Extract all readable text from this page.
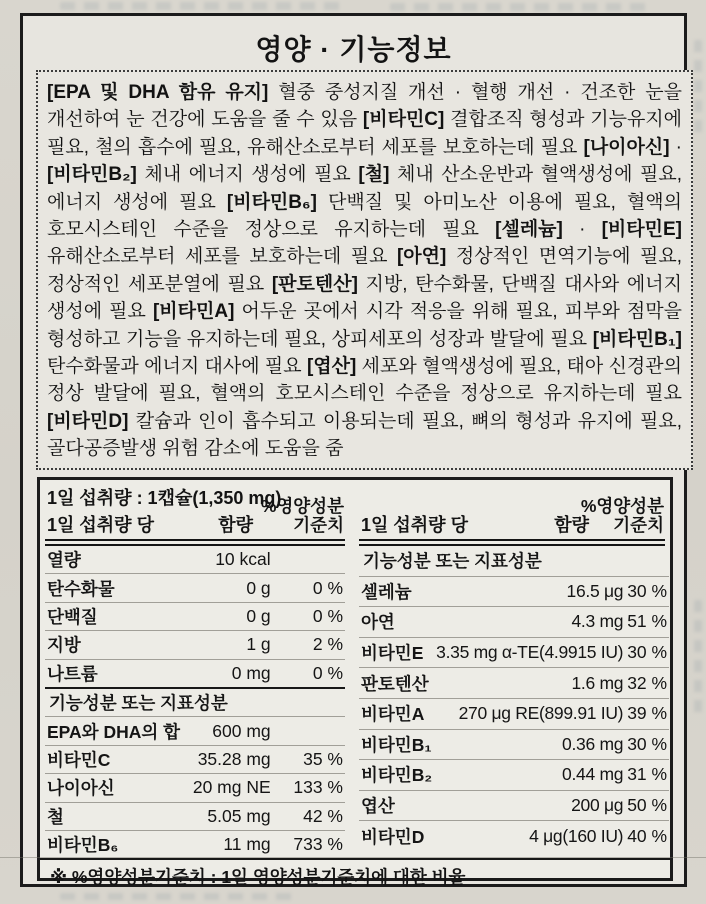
영양 · 기능정보

[EPA 및 DHA 함유 유지] 혈중 중성지질 개선 · 혈행 개선 · 건조한 눈을 개선하여 눈 건강에 도움을 줄 수 있음 [비타민C] 결합조직 형성과 기능유지에 필요, 철의 흡수에 필요, 유해산소로부터 세포를 보호하는데 필요 [나이아신] · [비타민B₂] 체내 에너지 생성에 필요 [철] 체내 산소운반과 혈액생성에 필요, 에너지 생성에 필요 [비타민B₆] 단백질 및 아미노산 이용에 필요, 혈액의 호모시스테인 수준을 정상으로 유지하는데 필요 [셀레늄] · [비타민E] 유해산소로부터 세포를 보호하는데 필요 [아연] 정상적인 면역기능에 필요, 정상적인 세포분열에 필요 [판토텐산] 지방, 탄수화물, 단백질 대사와 에너지 생성에 필요 [비타민A] 어두운 곳에서 시각 적응을 위해 필요, 피부와 점막을 형성하고 기능을 유지하는데 필요, 상피세포의 성장과 발달에 필요 [비타민B₁] 탄수화물과 에너지 대사에 필요 [엽산] 세포와 혈액생성에 필요, 태아 신경관의 정상 발달에 필요, 혈액의 호모시스테인 수준을 정상으로 유지하는데 필요 [비타민D] 칼슘과 인이 흡수되고 이용되는데 필요, 뼈의 형성과 유지에 필요, 골다공증발생 위험 감소에 도움을 줌

1일 섭취량 : 1캡슐(1,350 mg)
%영양성분
1일 섭취량 당	함량 기준치
열량	10 kcal	
탄수화물	0 g	0 %
단백질	0 g	0 %
지방	1 g	2 %
나트륨	0 mg	0 %
기능성분 또는 지표성분		
EPA와 DHA의 합	600 mg	
비타민C	35.28 mg	35 %
나이아신	20 mg NE	133 %
철	5.05 mg	42 %
비타민B₆	11 mg	733 %
%영양성분
1일 섭취량 당	함량 기준치
기능성분 또는 지표성분		
셀레늄	16.5 μg	30 %
아연	4.3 mg	51 %
비타민E	3.35 mg α-TE(4.9915 IU)	30 %
판토텐산	1.6 mg	32 %
비타민A	270 μg RE(899.91 IU)	39 %
비타민B₁	0.36 mg	30 %
비타민B₂	0.44 mg	31 %
엽산	200 μg	50 %
비타민D	4 μg(160 IU)	40 %
※ %영양성분기준치 : 1일 영양성분기준치에 대한 비율
